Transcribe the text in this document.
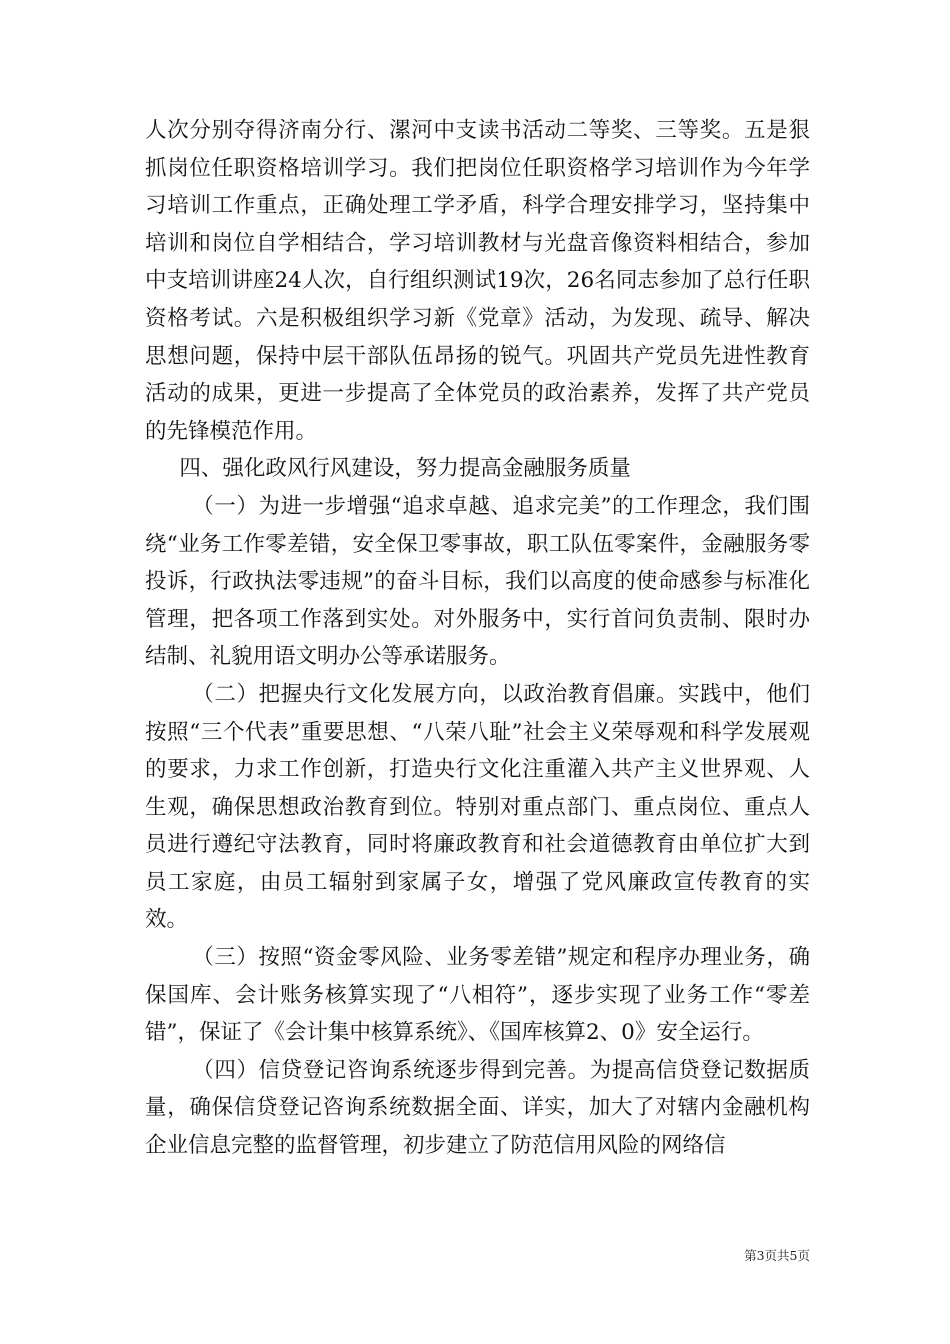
人次分别夺得济南分行、漯河中支读书活动二等奖、三等奖。五是狠抓岗位任职资格培训学习。我们把岗位任职资格学习培训作为今年学习培训工作重点，正确处理工学矛盾，科学合理安排学习，坚持集中培训和岗位自学相结合，学习培训教材与光盘音像资料相结合，参加中支培训讲座24人次，自行组织测试19次，26名同志参加了总行任职资格考试。六是积极组织学习新《党章》活动，为发现、疏导、解决思想问题，保持中层干部队伍昂扬的锐气。巩固共产党员先进性教育活动的成果，更进一步提高了全体党员的政治素养，发挥了共产党员的先锋模范作用。

四、强化政风行风建设，努力提高金融服务质量

（一）为进一步增强“追求卓越、追求完美”的工作理念，我们围绕“业务工作零差错，安全保卫零事故，职工队伍零案件，金融服务零投诉，行政执法零违规”的奋斗目标，我们以高度的使命感参与标准化管理，把各项工作落到实处。对外服务中，实行首问负责制、限时办结制、礼貌用语文明办公等承诺服务。

（二）把握央行文化发展方向，以政治教育倡廉。实践中，他们按照“三个代表”重要思想、“八荣八耻”社会主义荣辱观和科学发展观的要求，力求工作创新，打造央行文化注重灌入共产主义世界观、人生观，确保思想政治教育到位。特别对重点部门、重点岗位、重点人员进行遵纪守法教育，同时将廉政教育和社会道德教育由单位扩大到员工家庭，由员工辐射到家属子女，增强了党风廉政宣传教育的实效。

（三）按照“资金零风险、业务零差错”规定和程序办理业务，确保国库、会计账务核算实现了“八相符”，逐步实现了业务工作“零差错”，保证了《会计集中核算系统》、《国库核算2、0》安全运行。

（四）信贷登记咨询系统逐步得到完善。为提高信贷登记数据质量，确保信贷登记咨询系统数据全面、详实，加大了对辖内金融机构企业信息完整的监督管理，初步建立了防范信用风险的网络信

第3页共5页
